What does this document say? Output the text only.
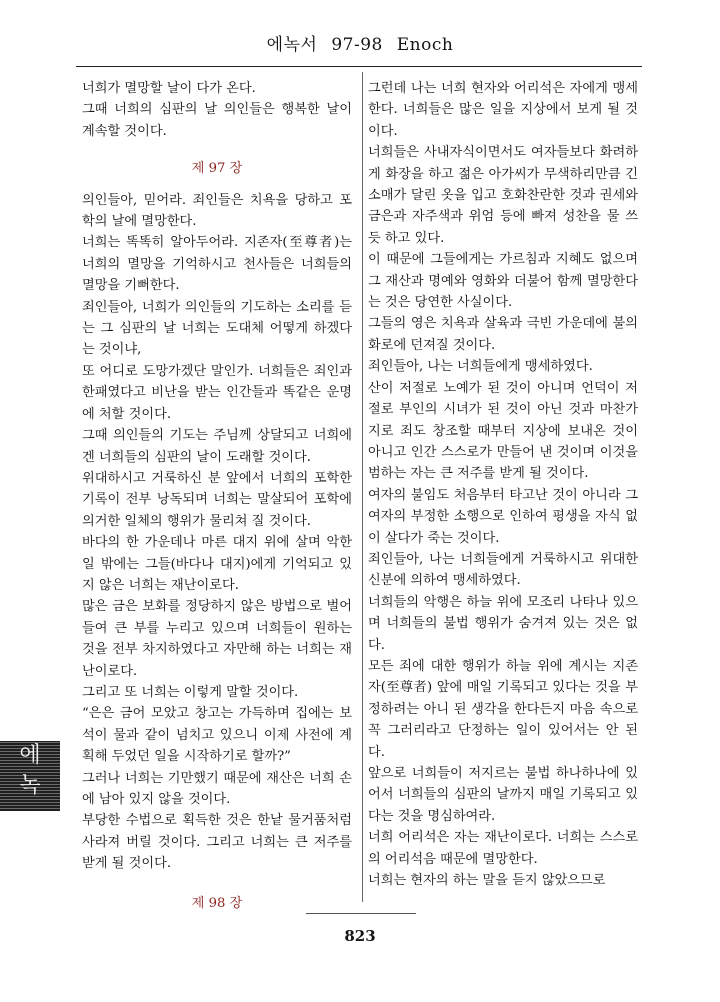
에녹서 97-98 Enoch

너희가 멸망할 날이 다가 온다.

그때 너희의 심판의 날 의인들은 행복한 날이 계속할 것이다.

제 97 장

의인들아, 믿어라. 죄인들은 치욕을 당하고 포학의 날에 멸망한다.

너희는 똑똑히 알아두어라. 지존자(至尊者)는 너희의 멸망을 기억하시고 천사들은 너희들의 멸망을 기뻐한다.

죄인들아, 너희가 의인들의 기도하는 소리를 듣는 그 심판의 날 너희는 도대체 어떻게 하겠다는 것이냐,

또 어디로 도망가겠단 말인가. 너희들은 죄인과 한패였다고 비난을 받는 인간들과 똑같은 운명에 처할 것이다.

그때 의인들의 기도는 주님께 상달되고 너희에겐 너희들의 심판의 날이 도래할 것이다.

위대하시고 거룩하신 분 앞에서 너희의 포학한 기록이 전부 낭독되며 너희는 말살되어 포학에 의거한 일체의 행위가 물리쳐 질 것이다.

바다의 한 가운데나 마른 대지 위에 살며 악한 일 밖에는 그들(바다나 대지)에게 기억되고 있지 않은 너희는 재난이로다.

많은 금은 보화를 정당하지 않은 방법으로 벌어들여 큰 부를 누리고 있으며 너희들이 원하는 것을 전부 차지하였다고 자만해 하는 너희는 재난이로다.

그리고 또 너희는 이렇게 말할 것이다.

“은은 금어 모았고 창고는 가득하며 집에는 보석이 물과 같이 넘치고 있으니 이제 사전에 계획해 두었던 일을 시작하기로 할까?”

그러나 너희는 기만했기 때문에 재산은 너희 손에 남아 있지 않을 것이다.

부당한 수법으로 획득한 것은 한낱 물거품처럼 사라져 버릴 것이다. 그리고 너희는 큰 저주를 받게 될 것이다.

제 98 장

그런데 나는 너희 현자와 어리석은 자에게 맹세한다. 너희들은 많은 일을 지상에서 보게 될 것이다.

너희들은 사내자식이면서도 여자들보다 화려하게 화장을 하고 젊은 아가씨가 무색하리만큼 긴 소매가 달린 옷을 입고 호화찬란한 것과 권세와 금은과 자주색과 위엄 등에 빠져 성찬을 물 쓰듯 하고 있다.

이 때문에 그들에게는 가르침과 지혜도 없으며 그 재산과 명예와 영화와 더불어 함께 멸망한다는 것은 당연한 사실이다.

그들의 영은 치욕과 살육과 극빈 가운데에 불의 화로에 던져질 것이다.

죄인들아, 나는 너희들에게 맹세하였다.

산이 저절로 노예가 된 것이 아니며 언덕이 저절로 부인의 시녀가 된 것이 아닌 것과 마찬가지로 죄도 창조할 때부터 지상에 보내온 것이 아니고 인간 스스로가 만들어 낸 것이며 이것을 범하는 자는 큰 저주를 받게 될 것이다.

여자의 불임도 처음부터 타고난 것이 아니라 그 여자의 부정한 소행으로 인하여 평생을 자식 없이 살다가 죽는 것이다.

죄인들아, 나는 너희들에게 거룩하시고 위대한 신분에 의하여 맹세하였다.

너희들의 악행은 하늘 위에 모조리 나타나 있으며 너희들의 불법 행위가 숨겨져 있는 것은 없다.

모든 죄에 대한 행위가 하늘 위에 계시는 지존자(至尊者) 앞에 매일 기록되고 있다는 것을 부정하려는 아니 된 생각을 한다든지 마음 속으로 꼭 그러리라고 단정하는 일이 있어서는 안 된다.

앞으로 너희들이 저지르는 불법 하나하나에 있어서 너희들의 심판의 날까지 매일 기록되고 있다는 것을 명심하여라.

너희 어리석은 자는 재난이로다. 너희는 스스로의 어리석음 때문에 멸망한다.

너희는 현자의 하는 말을 듣지 않았으므로

에
녹
823
